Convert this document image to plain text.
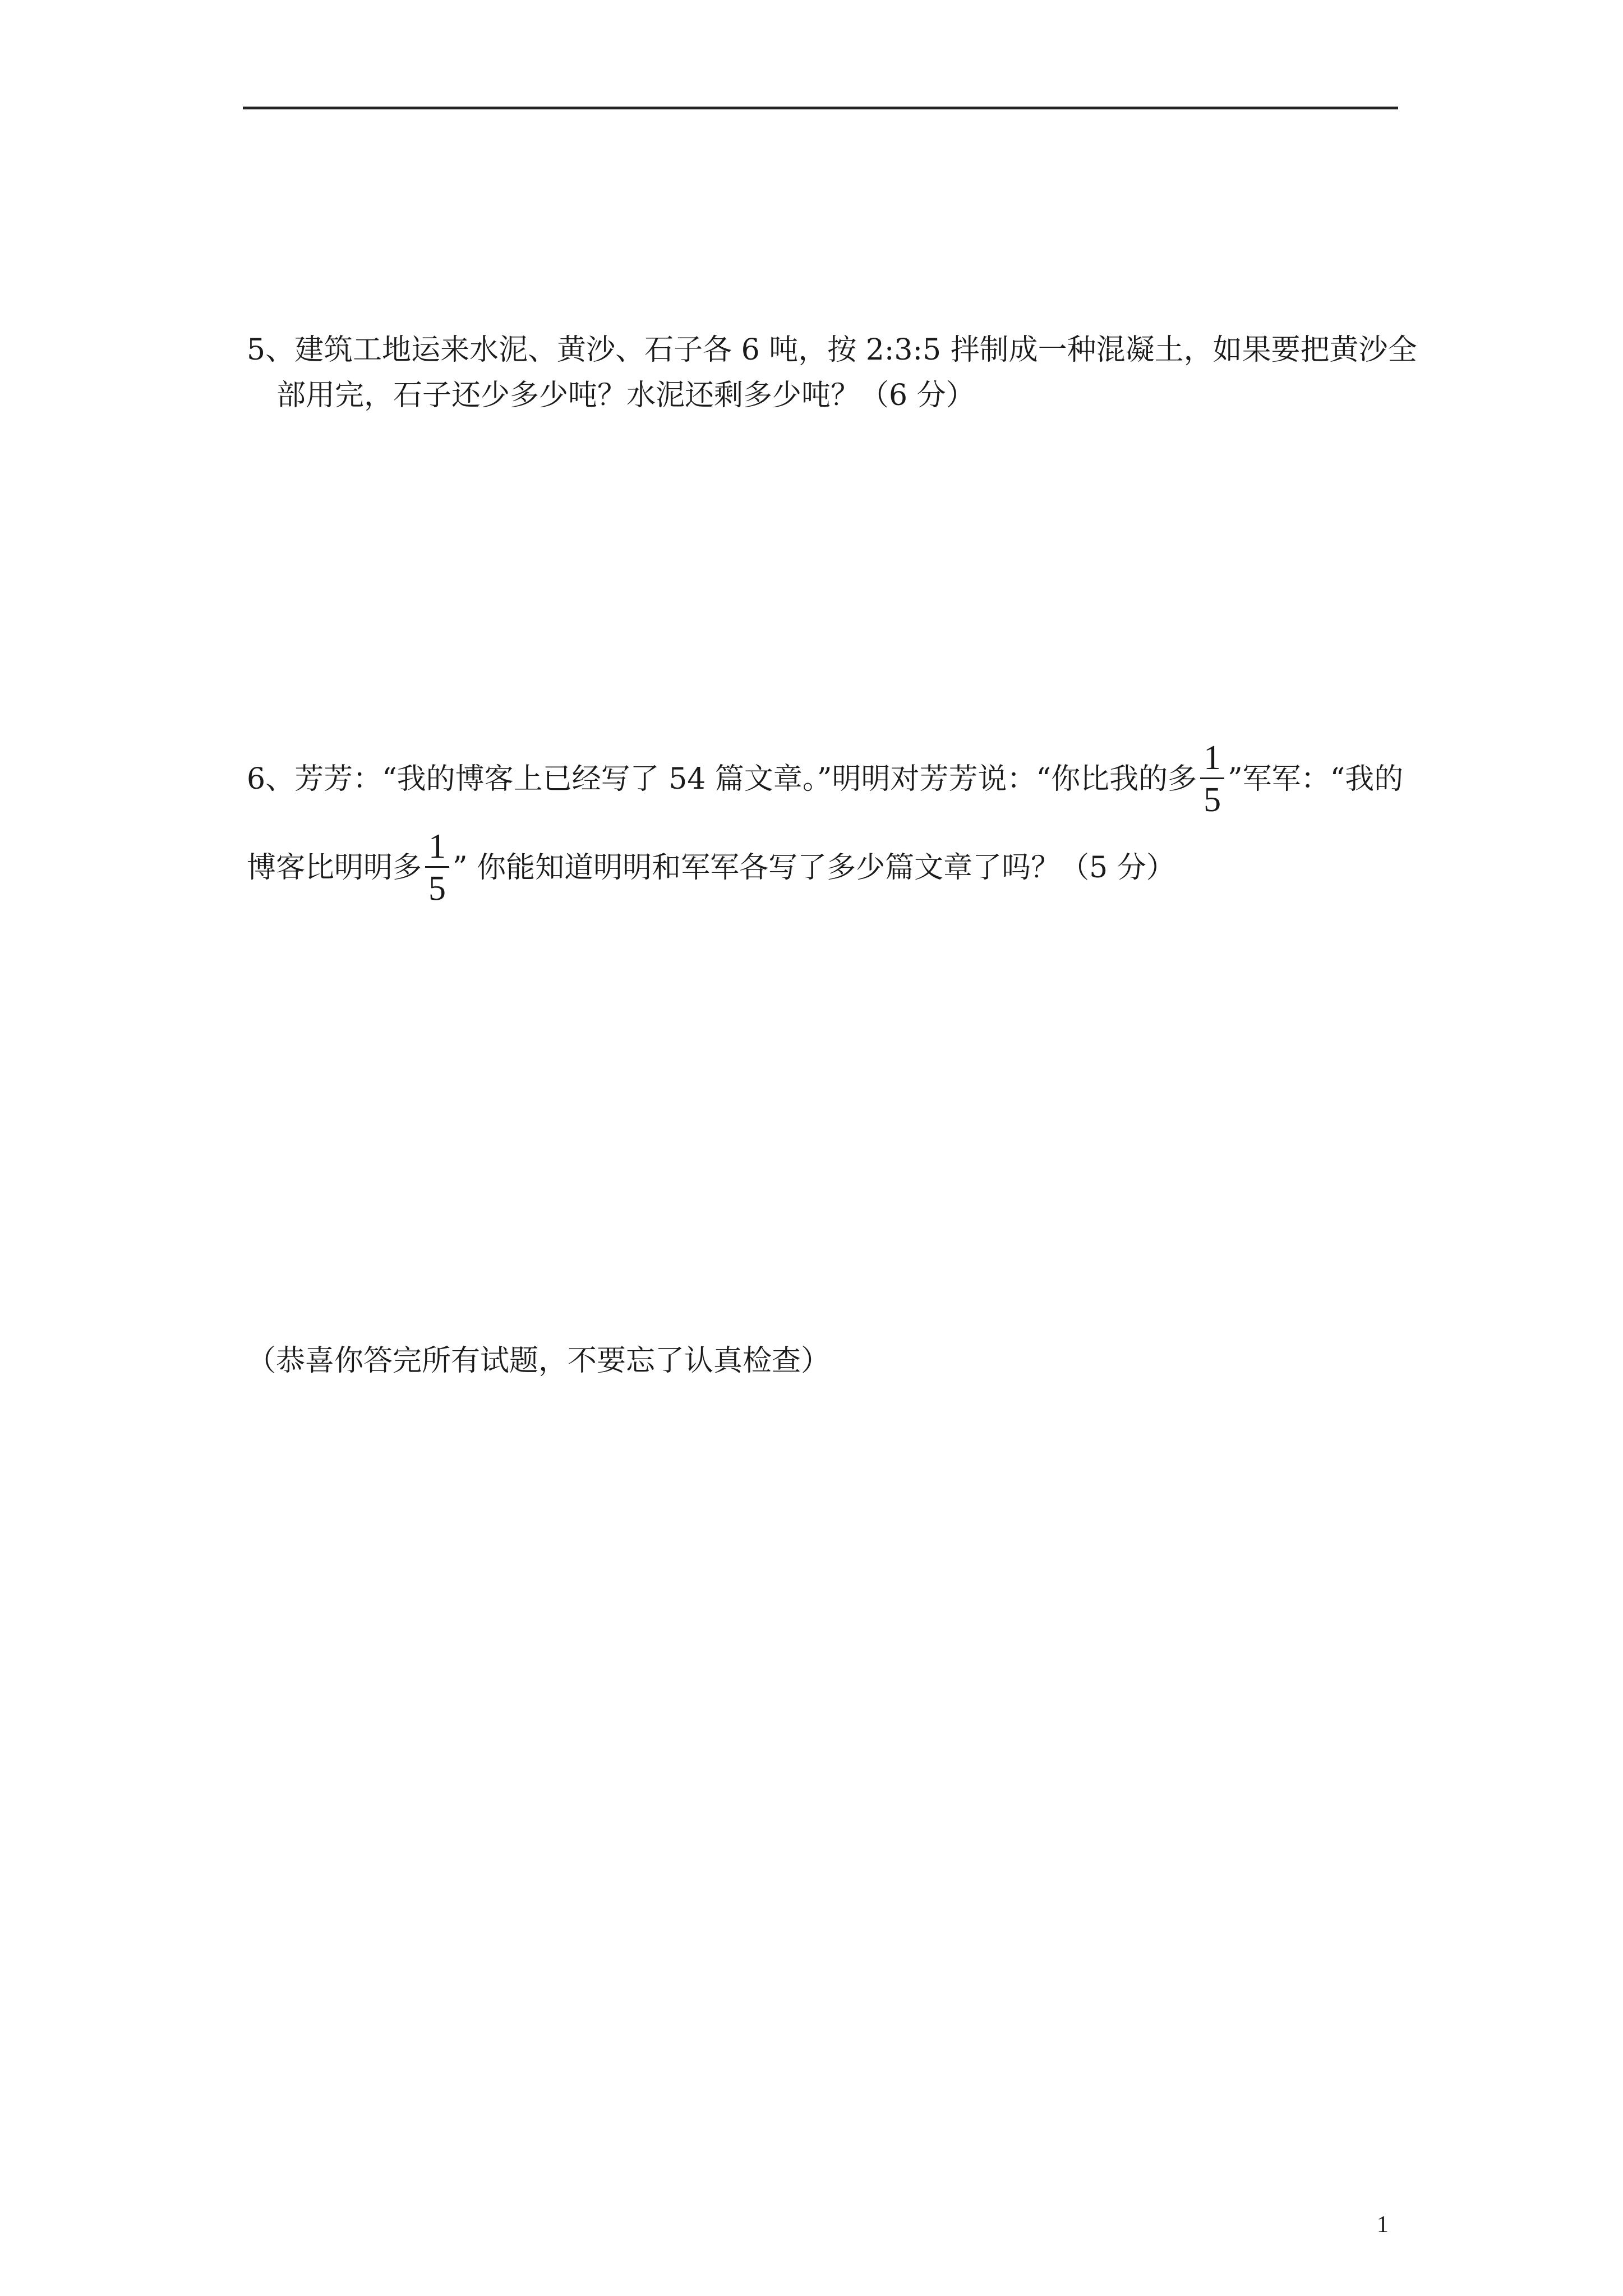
5、建筑工地运来水泥、黄沙、石子各 6 吨，按 2:3:5 拌制成一种混凝土，如果要把黄沙全
部用完，石子还少多少吨？水泥还剩多少吨？（6 分）
6、芳芳：“我的博客上已经写了 54 篇文章。”明明对芳芳说：“你比我的多 $\frac{1}{5}$ ”军军：“我的
博客比明明多 $\frac{1}{5}$ ” 你能知道明明和军军各写了多少篇文章了吗？（5 分）
（恭喜你答完所有试题，不要忘了认真检查）
1
